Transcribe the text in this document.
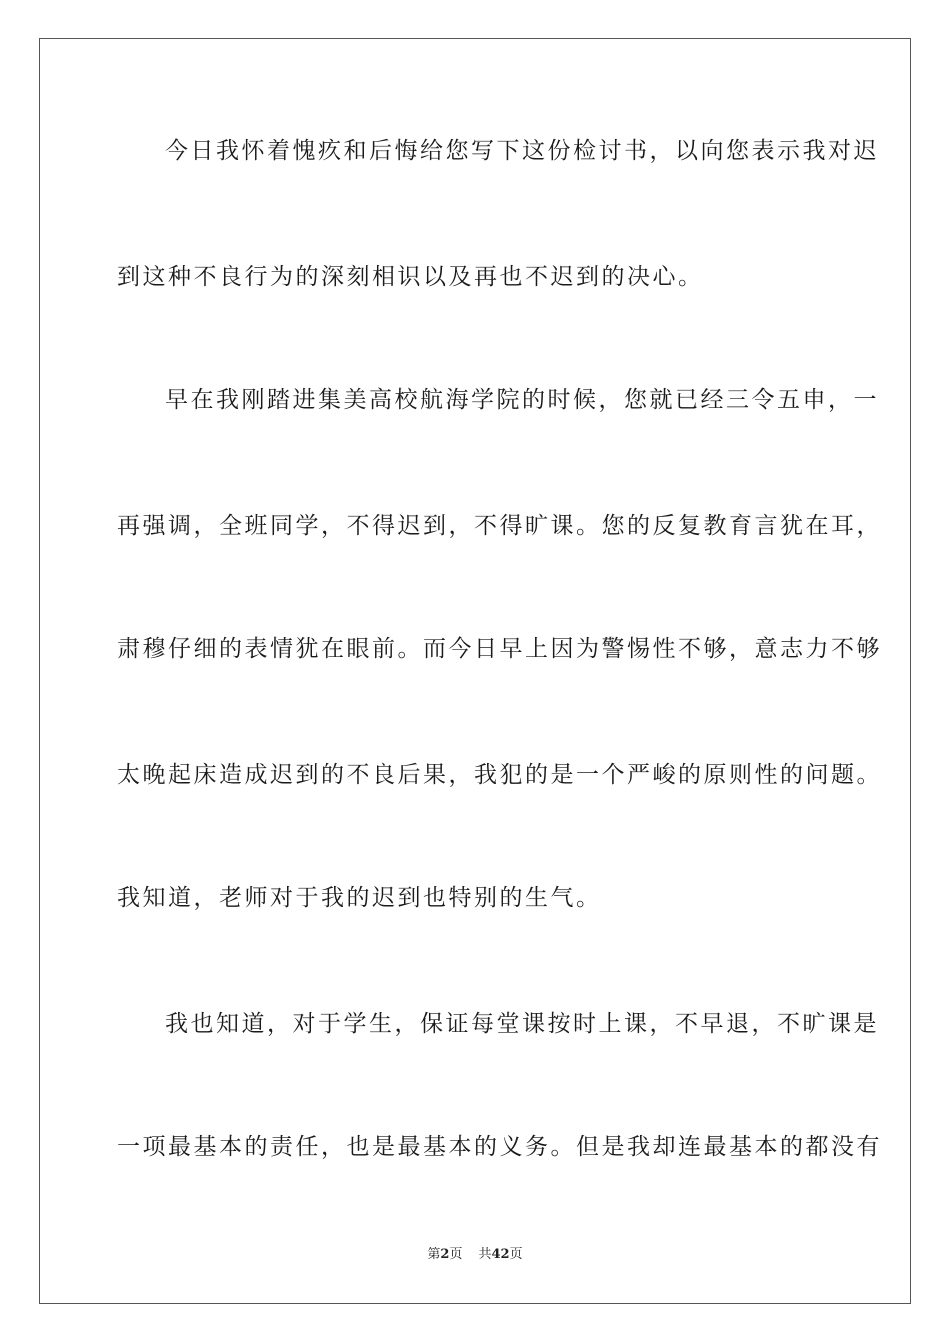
今日我怀着愧疚和后悔给您写下这份检讨书，以向您表示我对迟
到这种不良行为的深刻相识以及再也不迟到的决心。
早在我刚踏进集美高校航海学院的时候，您就已经三令五申，一
再强调，全班同学，不得迟到，不得旷课。您的反复教育言犹在耳，
肃穆仔细的表情犹在眼前。而今日早上因为警惕性不够，意志力不够
太晚起床造成迟到的不良后果，我犯的是一个严峻的原则性的问题。
我知道，老师对于我的迟到也特别的生气。
我也知道，对于学生，保证每堂课按时上课，不早退，不旷课是
一项最基本的责任，也是最基本的义务。但是我却连最基本的都没有
第2页 共42页
